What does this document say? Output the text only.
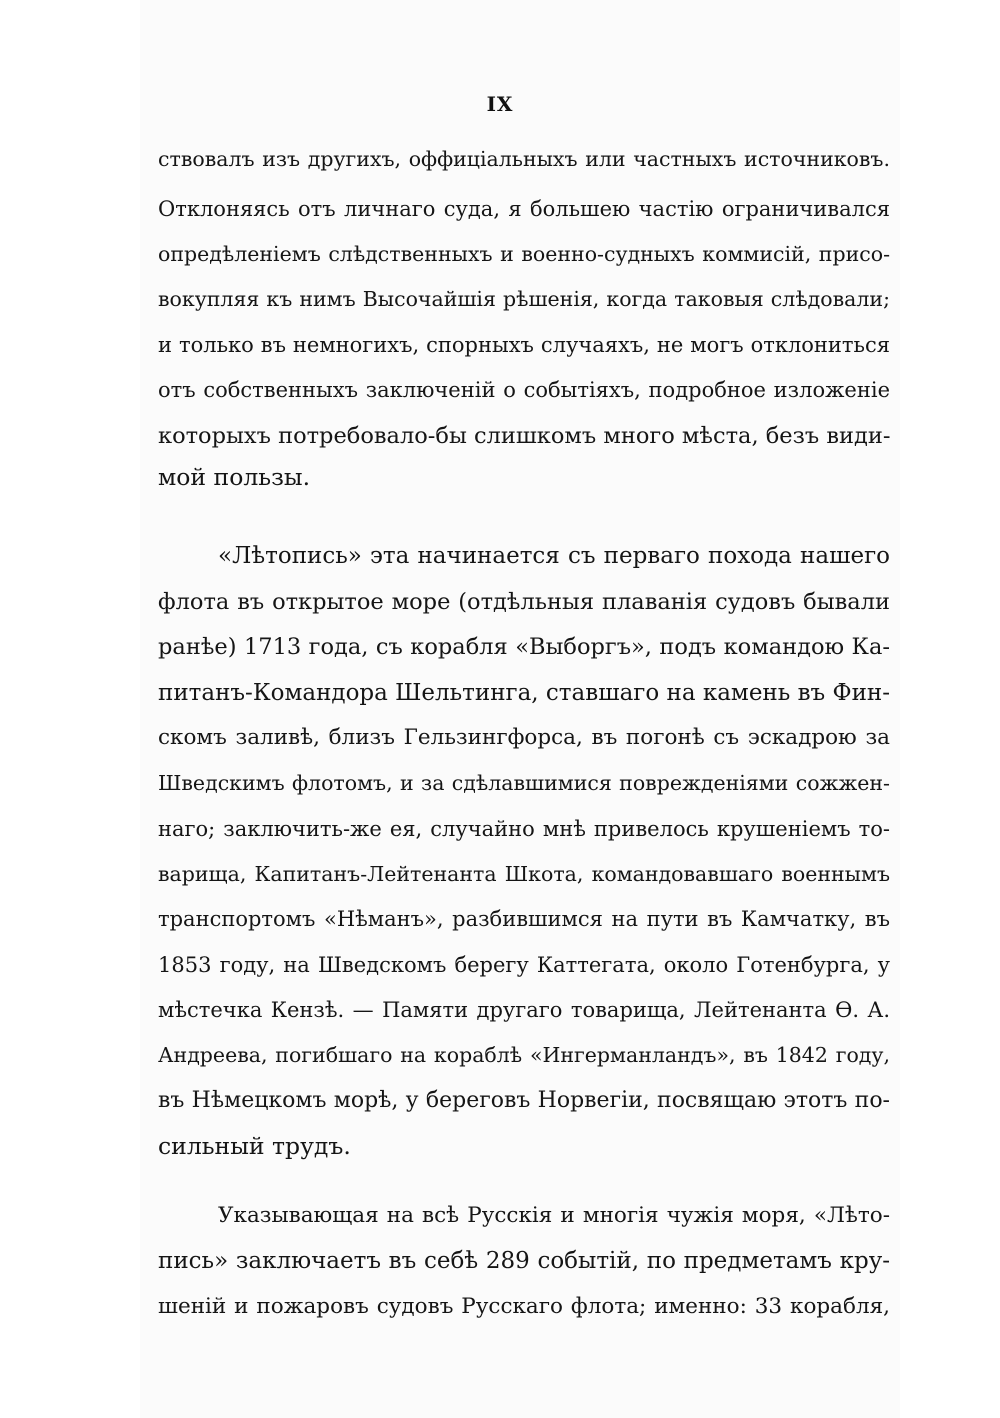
IX
ствовалъ изъ другихъ, оффиціальныхъ или частныхъ источниковъ.
Отклоняясь отъ личнаго суда, я большею частію ограничивался
опредѣленіемъ слѣдственныхъ и военно-судныхъ коммисій, присо-
вокупляя къ нимъ Высочайшія рѣшенія, когда таковыя слѣдовали;
и только въ немногихъ, спорныхъ случаяхъ, не могъ отклониться
отъ собственныхъ заключеній о событіяхъ, подробное изложеніе
которыхъ потребовало-бы слишкомъ много мѣста, безъ види-
мой пользы.
«Лѣтопись» эта начинается съ перваго похода нашего
флота въ открытое море (отдѣльныя плаванія судовъ бывали
ранѣе) 1713 года, съ корабля «Выборгъ», подъ командою Ка-
питанъ-Командора Шельтинга, ставшаго на камень въ Фин-
скомъ заливѣ, близъ Гельзингфорса, въ погонѣ съ эскадрою за
Шведскимъ флотомъ, и за сдѣлавшимися поврежденіями сожжен-
наго; заключить-же ея, случайно мнѣ привелось крушеніемъ то-
варища, Капитанъ-Лейтенанта Шкота, командовавшаго военнымъ
транспортомъ «Нѣманъ», разбившимся на пути въ Камчатку, въ
1853 году, на Шведскомъ берегу Каттегата, около Готенбурга, у
мѣстечка Кензѣ. — Памяти другаго товарища, Лейтенанта Ѳ. А.
Андреева, погибшаго на кораблѣ «Ингерманландъ», въ 1842 году,
въ Нѣмецкомъ морѣ, у береговъ Норвегіи, посвящаю этотъ по-
сильный трудъ.
Указывающая на всѣ Русскія и многія чужія моря, «Лѣто-
пись» заключаетъ въ себѣ 289 событій, по предметамъ кру-
шеній и пожаровъ судовъ Русскаго флота; именно: 33 корабля,
